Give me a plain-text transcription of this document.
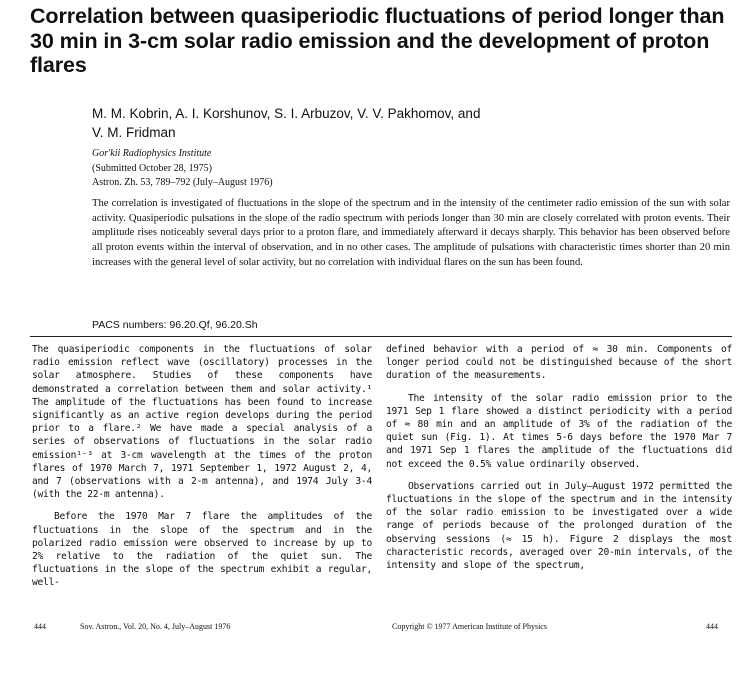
Correlation between quasiperiodic fluctuations of period longer than 30 min in 3-cm solar radio emission and the development of proton flares
M. M. Kobrin, A. I. Korshunov, S. I. Arbuzov, V. V. Pakhomov, and
V. M. Fridman
Gor'kii Radiophysics Institute
(Submitted October 28, 1975)
Astron. Zh. 53, 789–792 (July–August 1976)
The correlation is investigated of fluctuations in the slope of the spectrum and in the intensity of the centimeter radio emission of the sun with solar activity. Quasiperiodic pulsations in the slope of the radio spectrum with periods longer than 30 min are closely correlated with proton events. Their amplitude rises noticeably several days prior to a proton flare, and immediately afterward it decays sharply. This behavior has been observed before all proton events within the interval of observation, and in no other cases. The amplitude of pulsations with characteristic times shorter than 20 min increases with the general level of solar activity, but no correlation with individual flares on the sun has been found.
PACS numbers: 96.20.Qf, 96.20.Sh

The quasiperiodic components in the fluctuations of solar radio emission reflect wave (oscillatory) processes in the solar atmosphere. Studies of these components have demonstrated a correlation between them and solar activity.¹ The amplitude of the fluctuations has been found to increase significantly as an active region develops during the period prior to a flare.² We have made a special analysis of a series of observations of fluctuations in the solar radio emission¹⁻³ at 3-cm wavelength at the times of the proton flares of 1970 March 7, 1971 September 1, 1972 August 2, 4, and 7 (observations with a 2-m antenna), and 1974 July 3-4 (with the 22-m antenna).

Before the 1970 Mar 7 flare the amplitudes of the fluctuations in the slope of the spectrum and in the polarized radio emission were observed to increase by up to 2% relative to the radiation of the quiet sun. The fluctuations in the slope of the spectrum exhibit a regular, well-

defined behavior with a period of ≈ 30 min. Components of longer period could not be distinguished because of the short duration of the measurements.

The intensity of the solar radio emission prior to the 1971 Sep 1 flare showed a distinct periodicity with a period of ≈ 80 min and an amplitude of 3% of the radiation of the quiet sun (Fig. 1). At times 5-6 days before the 1970 Mar 7 and 1971 Sep 1 flares the amplitude of the fluctuations did not exceed the 0.5% value ordinarily observed.

Observations carried out in July–August 1972 permitted the fluctuations in the slope of the spectrum and in the intensity of the solar radio emission to be investigated over a wide range of periods because of the prolonged duration of the observing sessions (≈ 15 h). Figure 2 displays the most characteristic records, averaged over 20-min intervals, of the intensity and slope of the spectrum,

444	Sov. Astron., Vol. 20, No. 4, July–August 1976	Copyright © 1977 American Institute of Physics	444
